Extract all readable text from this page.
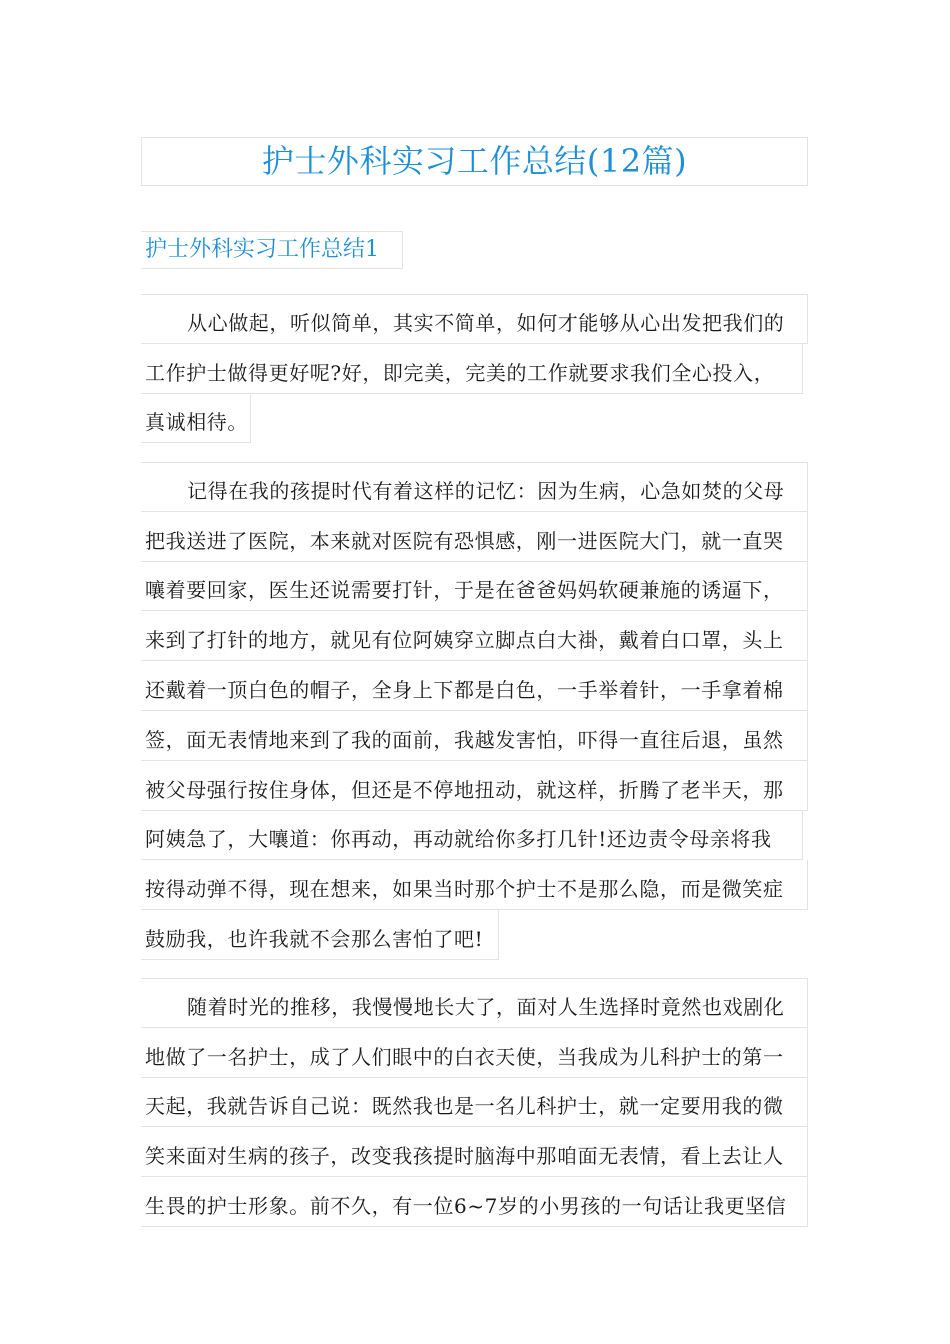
护士外科实习工作总结(12篇)
护士外科实习工作总结1
从心做起，听似简单，其实不简单，如何才能够从心出发把我们的
工作护士做得更好呢?好，即完美，完美的工作就要求我们全心投入，
真诚相待。
记得在我的孩提时代有着这样的记忆：因为生病，心急如焚的父母
把我送进了医院，本来就对医院有恐惧感，刚一进医院大门，就一直哭
嚷着要回家，医生还说需要打针，于是在爸爸妈妈软硬兼施的诱逼下，
来到了打针的地方，就见有位阿姨穿立脚点白大褂，戴着白口罩，头上
还戴着一顶白色的帽子，全身上下都是白色，一手举着针，一手拿着棉
签，面无表情地来到了我的面前，我越发害怕，吓得一直往后退，虽然
被父母强行按住身体，但还是不停地扭动，就这样，折腾了老半天，那
阿姨急了，大嚷道：你再动，再动就给你多打几针!还边责令母亲将我
按得动弹不得，现在想来，如果当时那个护士不是那么隐，而是微笑症
鼓励我，也许我就不会那么害怕了吧!
随着时光的推移，我慢慢地长大了，面对人生选择时竟然也戏剧化
地做了一名护士，成了人们眼中的白衣天使，当我成为儿科护士的第一
天起，我就告诉自己说：既然我也是一名儿科护士，就一定要用我的微
笑来面对生病的孩子，改变我孩提时脑海中那咱面无表情，看上去让人
生畏的护士形象。前不久，有一位6~7岁的小男孩的一句话让我更坚信
